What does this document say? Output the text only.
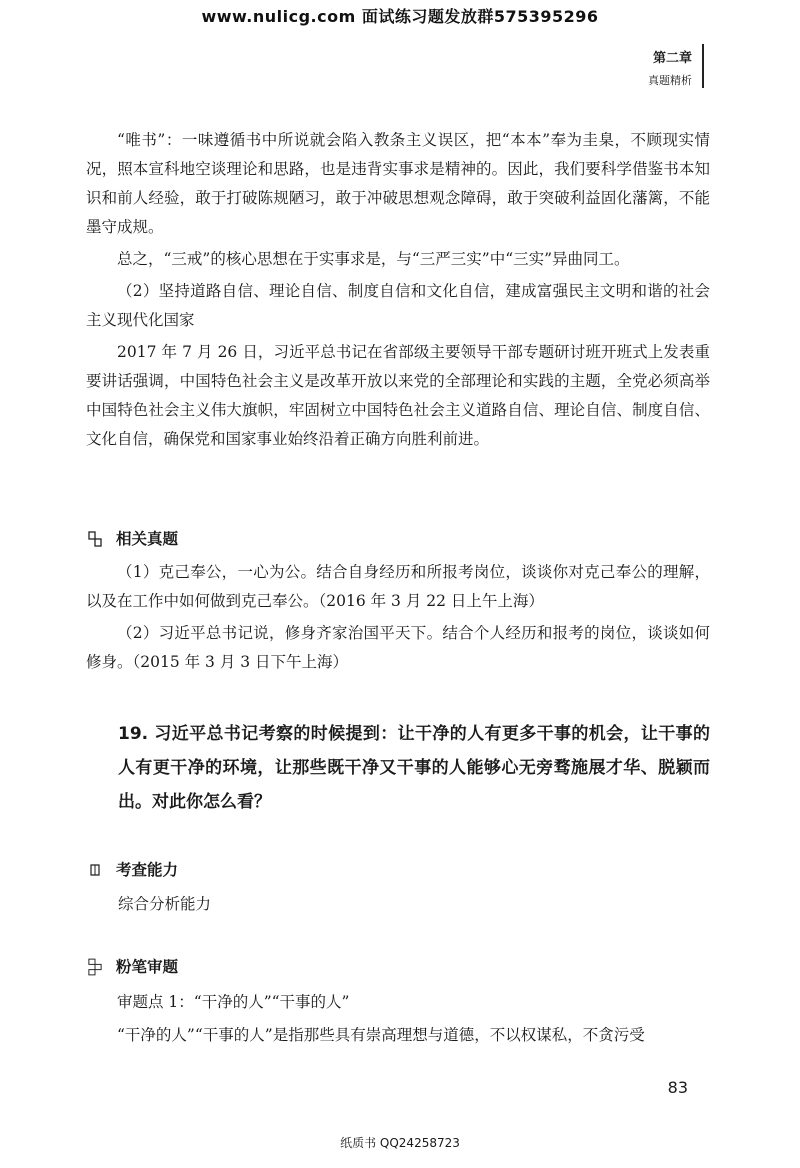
www.nulicg.com 面试练习题发放群575395296
第二章
真题精析

“唯书”：一味遵循书中所说就会陷入教条主义误区，把“本本”奉为圭臬，不顾现实情况，照本宣科地空谈理论和思路，也是违背实事求是精神的。因此，我们要科学借鉴书本知识和前人经验，敢于打破陈规陋习，敢于冲破思想观念障碍，敢于突破利益固化藩篱，不能墨守成规。

总之，“三戒”的核心思想在于实事求是，与“三严三实”中“三实”异曲同工。

（2）坚持道路自信、理论自信、制度自信和文化自信，建成富强民主文明和谐的社会主义现代化国家

2017 年 7 月 26 日，习近平总书记在省部级主要领导干部专题研讨班开班式上发表重要讲话强调，中国特色社会主义是改革开放以来党的全部理论和实践的主题，全党必须高举中国特色社会主义伟大旗帜，牢固树立中国特色社会主义道路自信、理论自信、制度自信、文化自信，确保党和国家事业始终沿着正确方向胜利前进。

相关真题

（1）克己奉公，一心为公。结合自身经历和所报考岗位，谈谈你对克己奉公的理解，以及在工作中如何做到克己奉公。（2016 年 3 月 22 日上午上海）

（2）习近平总书记说，修身齐家治国平天下。结合个人经历和报考的岗位，谈谈如何修身。（2015 年 3 月 3 日下午上海）

19. 习近平总书记考察的时候提到：让干净的人有更多干事的机会，让干事的人有更干净的环境，让那些既干净又干事的人能够心无旁骛施展才华、脱颖而出。对此你怎么看？
考查能力

综合分析能力

粉笔审题

审题点 1：“干净的人”“干事的人”

“干净的人”“干事的人”是指那些具有崇高理想与道德，不以权谋私，不贪污受

83
纸质书 QQ24258723
